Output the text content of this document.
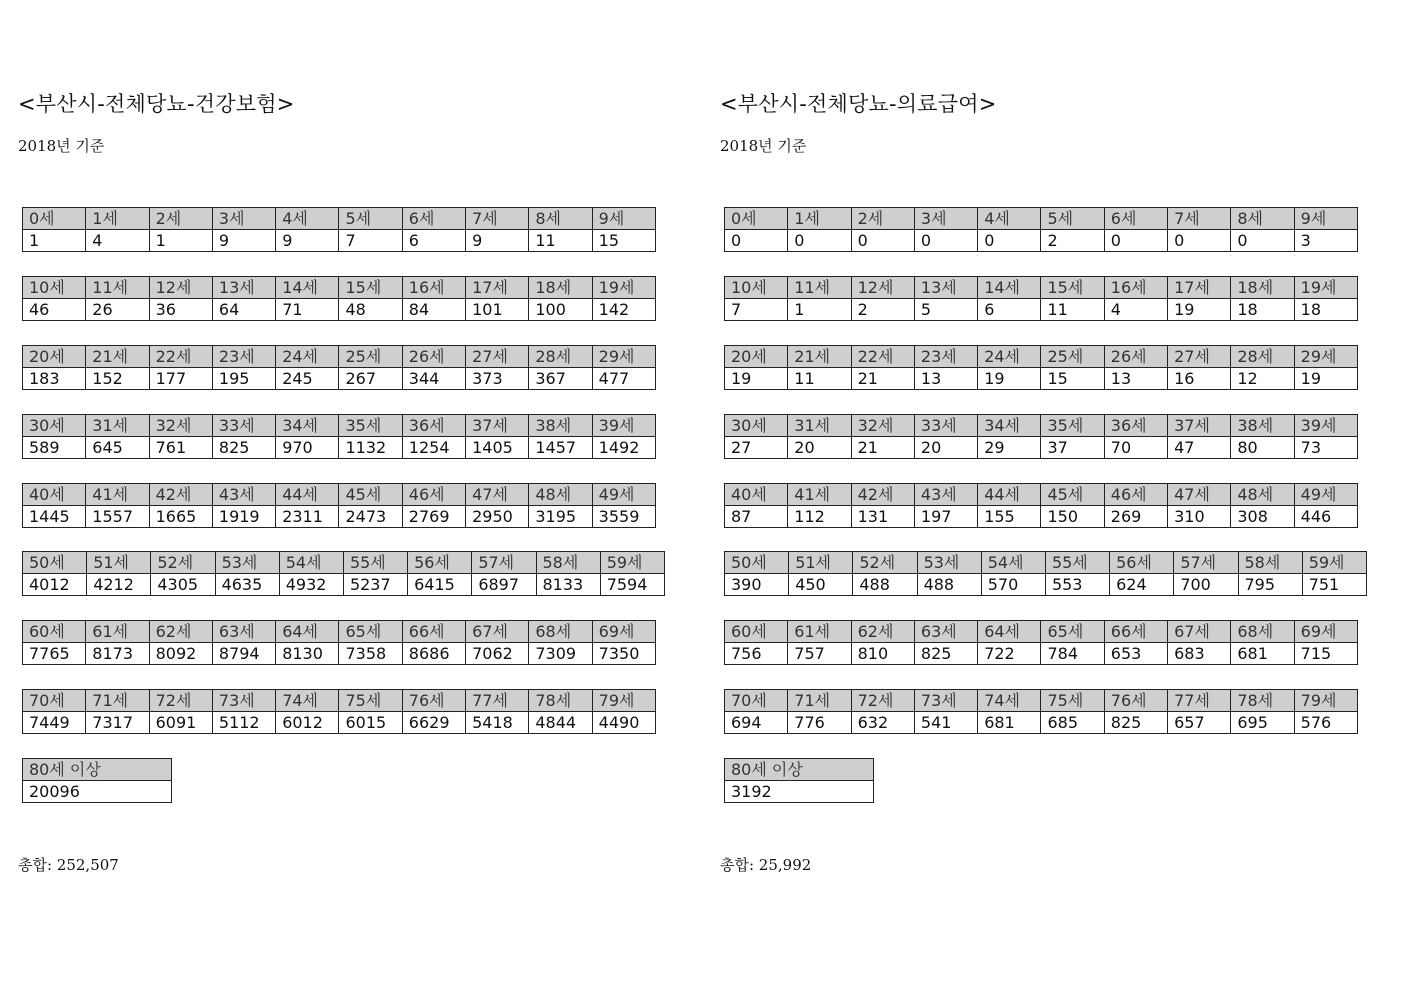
<부산시-전체당뇨-건강보험>
2018년 기준
총합: 252,507
0세	1세	2세	3세	4세	5세	6세	7세	8세	9세
1	4	1	9	9	7	6	9	11	15
10세	11세	12세	13세	14세	15세	16세	17세	18세	19세
46	26	36	64	71	48	84	101	100	142
20세	21세	22세	23세	24세	25세	26세	27세	28세	29세
183	152	177	195	245	267	344	373	367	477
30세	31세	32세	33세	34세	35세	36세	37세	38세	39세
589	645	761	825	970	1132	1254	1405	1457	1492
40세	41세	42세	43세	44세	45세	46세	47세	48세	49세
1445	1557	1665	1919	2311	2473	2769	2950	3195	3559
50세	51세	52세	53세	54세	55세	56세	57세	58세	59세
4012	4212	4305	4635	4932	5237	6415	6897	8133	7594
60세	61세	62세	63세	64세	65세	66세	67세	68세	69세
7765	8173	8092	8794	8130	7358	8686	7062	7309	7350
70세	71세	72세	73세	74세	75세	76세	77세	78세	79세
7449	7317	6091	5112	6012	6015	6629	5418	4844	4490
80세 이상
20096
<부산시-전체당뇨-의료급여>
2018년 기준
총합: 25,992
0세	1세	2세	3세	4세	5세	6세	7세	8세	9세
0	0	0	0	0	2	0	0	0	3
10세	11세	12세	13세	14세	15세	16세	17세	18세	19세
7	1	2	5	6	11	4	19	18	18
20세	21세	22세	23세	24세	25세	26세	27세	28세	29세
19	11	21	13	19	15	13	16	12	19
30세	31세	32세	33세	34세	35세	36세	37세	38세	39세
27	20	21	20	29	37	70	47	80	73
40세	41세	42세	43세	44세	45세	46세	47세	48세	49세
87	112	131	197	155	150	269	310	308	446
50세	51세	52세	53세	54세	55세	56세	57세	58세	59세
390	450	488	488	570	553	624	700	795	751
60세	61세	62세	63세	64세	65세	66세	67세	68세	69세
756	757	810	825	722	784	653	683	681	715
70세	71세	72세	73세	74세	75세	76세	77세	78세	79세
694	776	632	541	681	685	825	657	695	576
80세 이상
3192
